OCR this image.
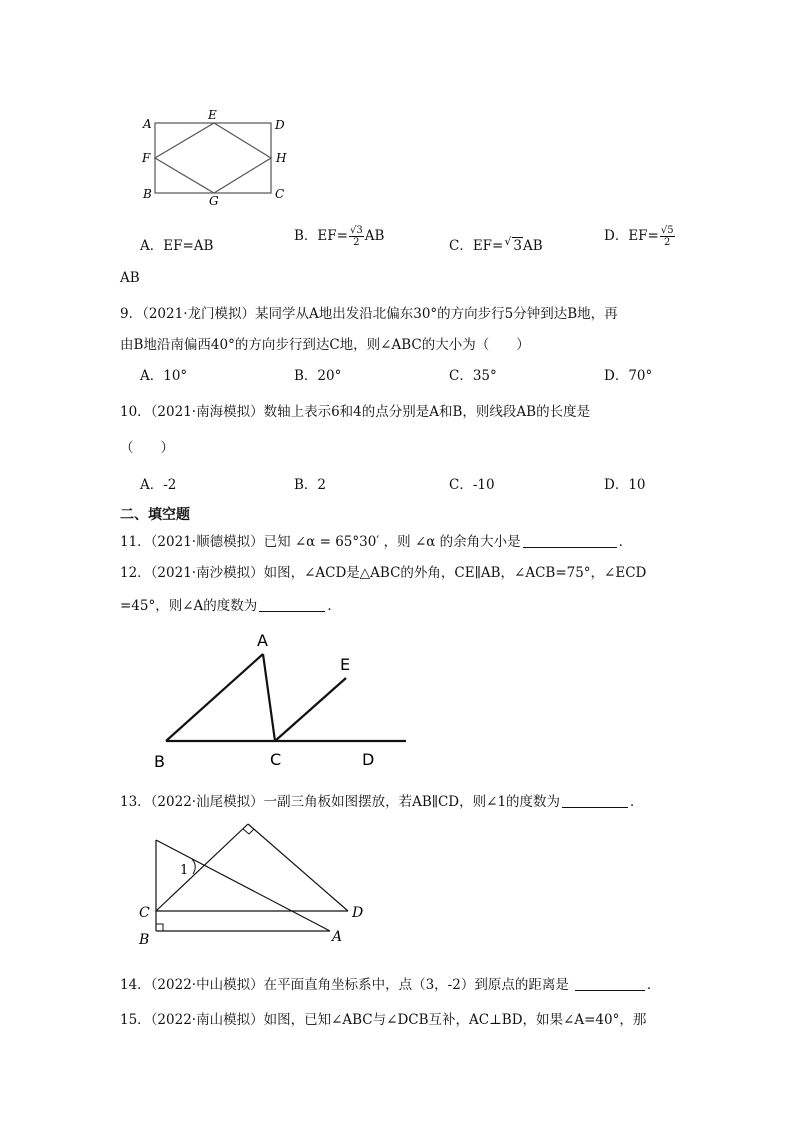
A
E
D
F	H
B	G	C
A．EF=AB
B．$EF= \frac{√3}{2}$ AB
C．EF=√ 3AB
D．$EF= \frac{√5}{2}$
AB
9．（2021·龙门模拟）某同学从A地出发沿北偏东30°的方向步行5分钟到达B地，再
由B地沿南偏西40°的方向步行到达C地，则∠ABC的大小为（　　）
A．10°	B．20°	C．35°	D．70°
10．（2021·南海模拟）数轴上表示6和4的点分别是A和B，则线段AB的长度是
（　　）
A．-2	B．2	C．-10	D．10
二、填空题
11．（2021·顺德模拟）已知 ∠α = 65°30′ ，则 ∠α 的余角大小是	．
12．（2021·南沙模拟）如图，∠ACD是△ABC的外角，CE∥AB，∠ACB=75°，∠ECD
=45°，则∠A的度数为	．
A
E
B	C	D
13．（2022·汕尾模拟）一副三角板如图摆放，若AB∥CD，则∠1的度数为	．
1
C	D
B	A
14．（2022·中山模拟）在平面直角坐标系中，点（3，-2）到原点的距离是	．
15．（2022·南山模拟）如图，已知∠ABC与∠DCB互补，AC⊥BD，如果∠A=40°，那
